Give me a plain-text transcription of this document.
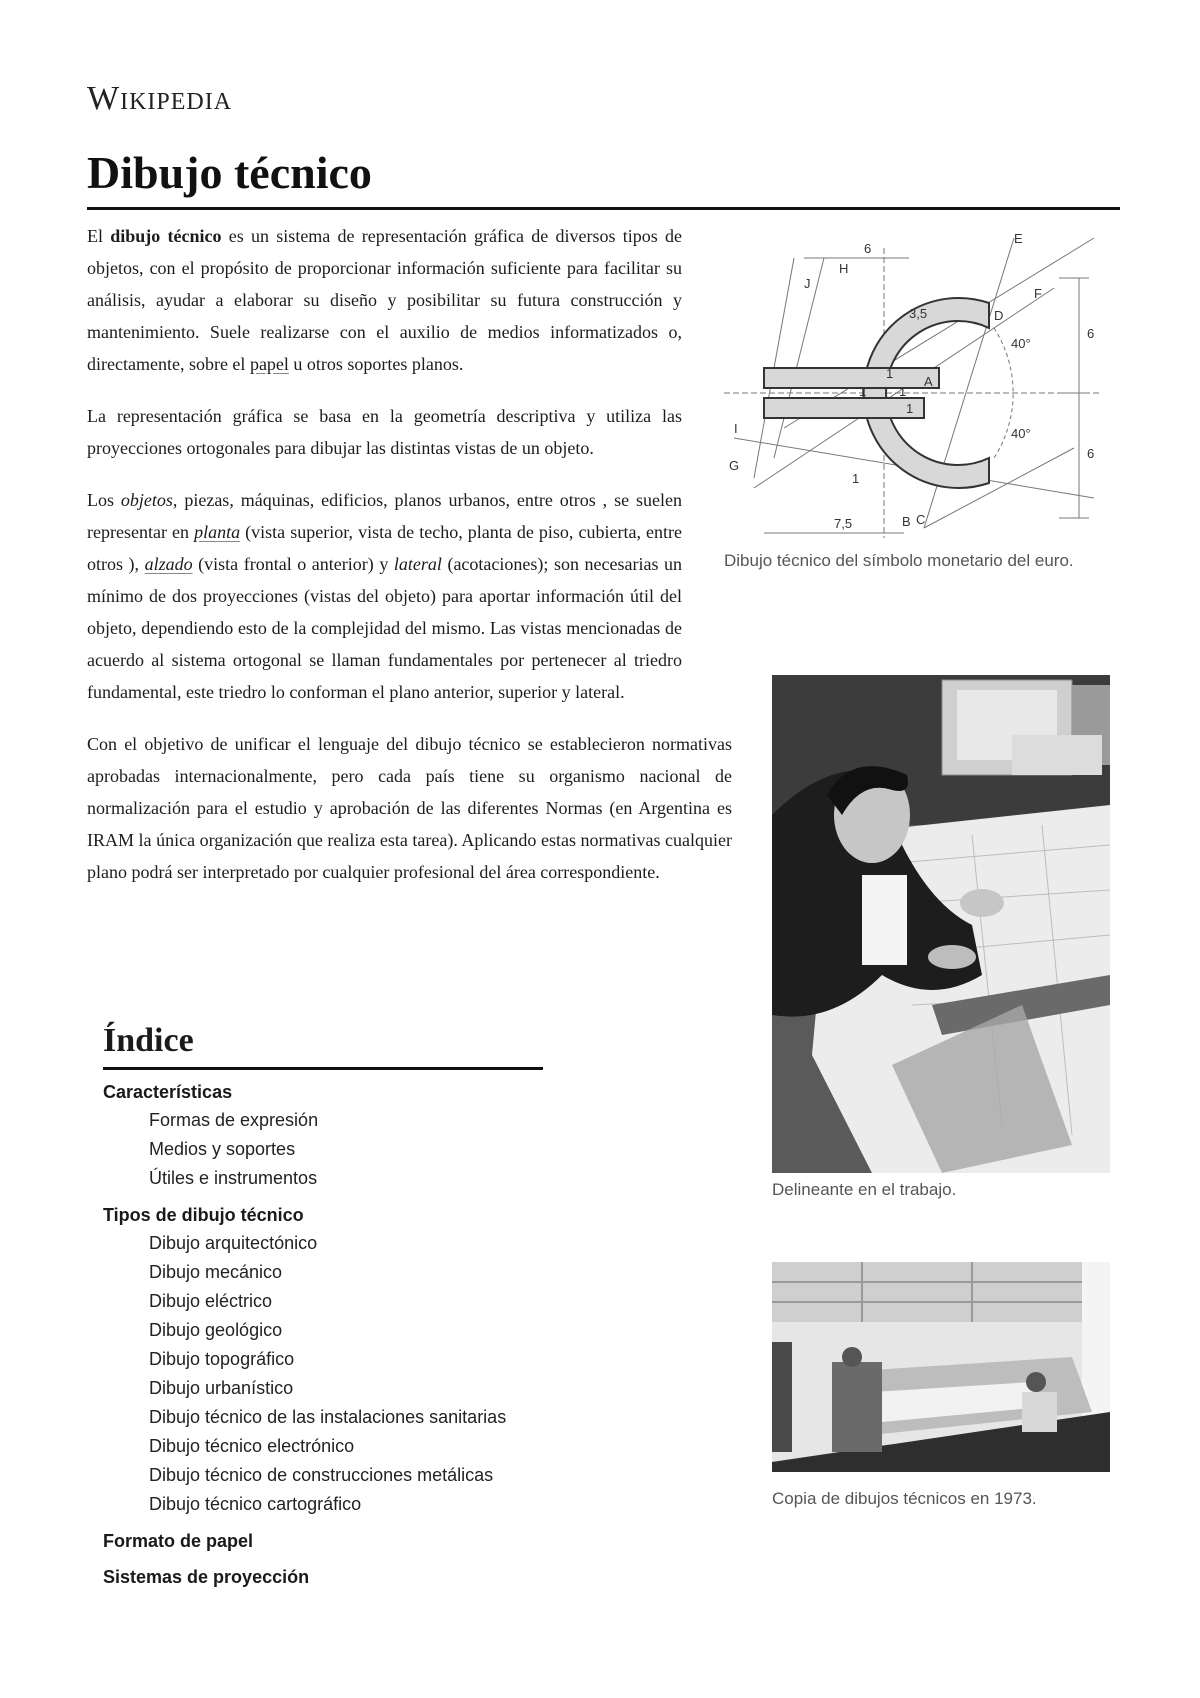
Wikipedia
Dibujo técnico

El dibujo técnico es un sistema de representación gráfica de diversos tipos de objetos, con el propósito de proporcionar información suficiente para facilitar su análisis, ayudar a elaborar su diseño y posibilitar su futura construcción y mantenimiento. Suele realizarse con el auxilio de medios informatizados o, directamente, sobre el papel u otros soportes planos.

La representación gráfica se basa en la geometría descriptiva y utiliza las proyecciones ortogonales para dibujar las distintas vistas de un objeto.

Los objetos, piezas, máquinas, edificios, planos urbanos, entre otros , se suelen representar en planta (vista superior, vista de techo, planta de piso, cubierta, entre otros ), alzado (vista frontal o anterior) y lateral (acotaciones); son necesarias un mínimo de dos proyecciones (vistas del objeto) para aportar información útil del objeto, dependiendo esto de la complejidad del mismo. Las vistas mencionadas de acuerdo al sistema ortogonal se llaman fundamentales por pertenecer al triedro fundamental, este triedro lo conforman el plano anterior, superior y lateral.

Con el objetivo de unificar el lenguaje del dibujo técnico se establecieron normativas aprobadas internacionalmente, pero cada país tiene su organismo nacional de normalización para el estudio y aprobación de las diferentes Normas (en Argentina es IRAM la única organización que realiza esta tarea). Aplicando estas normativas cualquier plano podrá ser interpretado por cualquier profesional del área correspondiente.

6
H
J
E
F
D
A
I
G
B C
3,5
40°
40°
6
6
7,5
1
1	1
1
1
Dibujo técnico del símbolo monetario del euro.
Delineante en el trabajo.
Copia de dibujos técnicos en 1973.
Índice
Características
Formas de expresión
Medios y soportes
Útiles e instrumentos
Tipos de dibujo técnico
Dibujo arquitectónico
Dibujo mecánico
Dibujo eléctrico
Dibujo geológico
Dibujo topográfico
Dibujo urbanístico
Dibujo técnico de las instalaciones sanitarias
Dibujo técnico electrónico
Dibujo técnico de construcciones metálicas
Dibujo técnico cartográfico
Formato de papel
Sistemas de proyección
